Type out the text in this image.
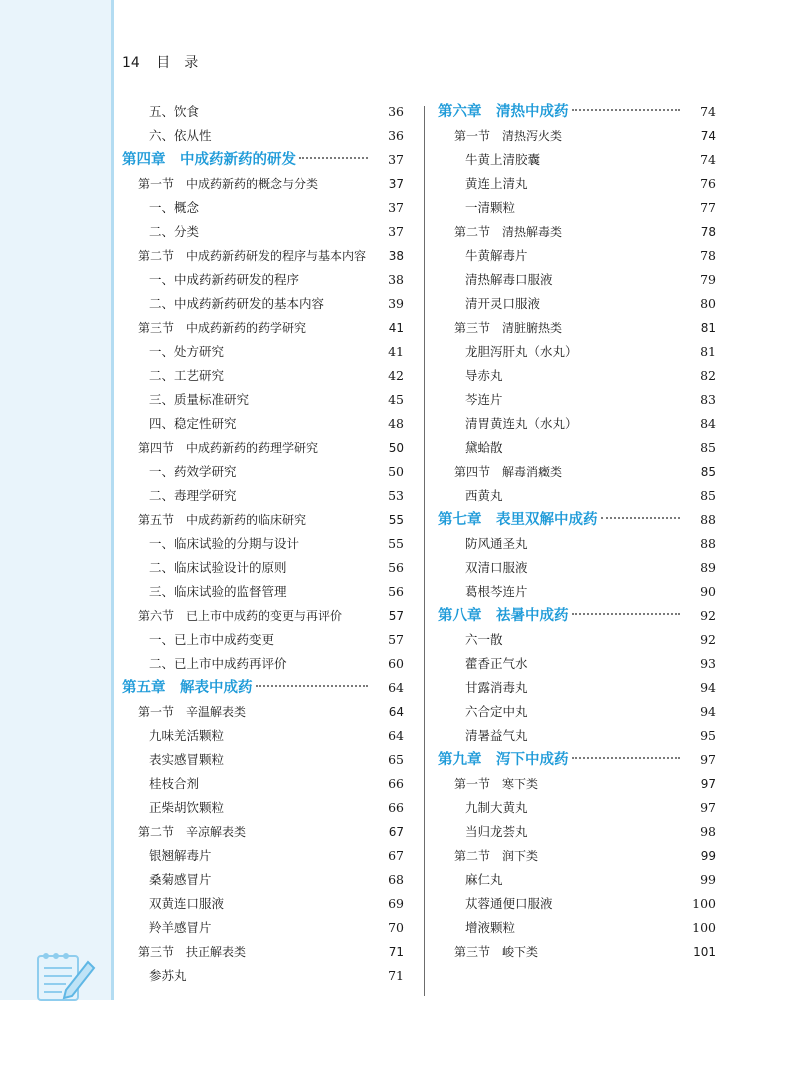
14 目　录
五、饮食	36
六、依从性	36
第四章　中成药新药的研发	37
第一节　中成药新药的概念与分类	37
一、概念	37
二、分类	37
第二节　中成药新药研发的程序与基本内容 38
一、中成药新药研发的程序	38
二、中成药新药研发的基本内容	39
第三节　中成药新药的药学研究	41
一、处方研究	41
二、工艺研究	42
三、质量标准研究	45
四、稳定性研究	48
第四节　中成药新药的药理学研究	50
一、药效学研究	50
二、毒理学研究	53
第五节　中成药新药的临床研究	55
一、临床试验的分期与设计	55
二、临床试验设计的原则	56
三、临床试验的监督管理	56
第六节　已上市中成药的变更与再评价	57
一、已上市中成药变更	57
二、已上市中成药再评价	60
第五章　解表中成药	64
第一节　辛温解表类	64
九味羌活颗粒	64
表实感冒颗粒	65
桂枝合剂	66
正柴胡饮颗粒	66
第二节　辛凉解表类	67
银翘解毒片	67
桑菊感冒片	68
双黄连口服液	69
羚羊感冒片	70
第三节　扶正解表类	71
参苏丸	71
第六章　清热中成药	74
第一节　清热泻火类	74
牛黄上清胶囊	74
黄连上清丸	76
一清颗粒	77
第二节　清热解毒类	78
牛黄解毒片	78
清热解毒口服液	79
清开灵口服液	80
第三节　清脏腑热类	81
龙胆泻肝丸（水丸）	81
导赤丸	82
芩连片	83
清胃黄连丸（水丸）	84
黛蛤散	85
第四节　解毒消癥类	85
西黄丸	85
第七章　表里双解中成药	88
防风通圣丸	88
双清口服液	89
葛根芩连片	90
第八章　祛暑中成药	92
六一散	92
藿香正气水	93
甘露消毒丸	94
六合定中丸	94
清暑益气丸	95
第九章　泻下中成药	97
第一节　寒下类	97
九制大黄丸	97
当归龙荟丸	98
第二节　润下类	99
麻仁丸	99
苁蓉通便口服液	100
增液颗粒	100
第三节　峻下类	101
